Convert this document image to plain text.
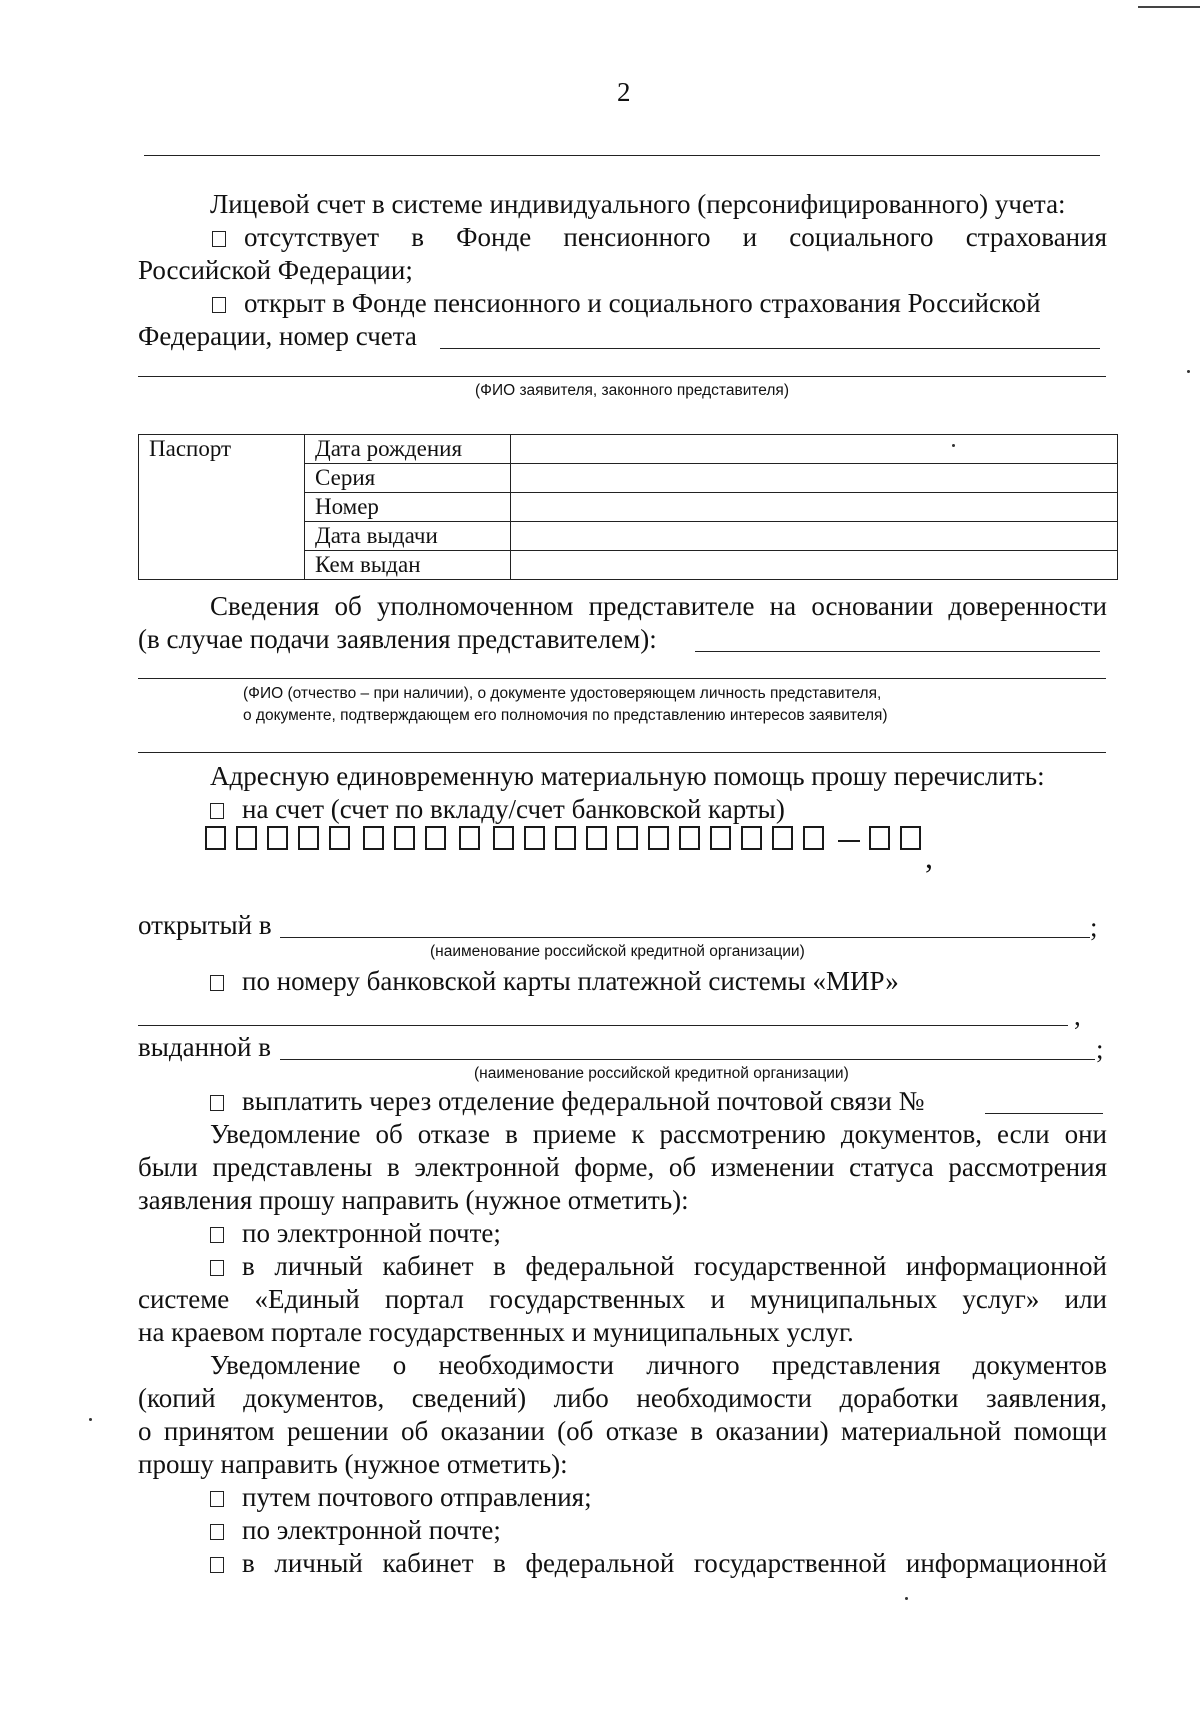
2
Лицевой счет в системе индивидуального (персонифицированного) учета:
отсутствует в Фонде пенсионного и социального страхования
Российской Федерации;
открыт в Фонде пенсионного и социального страхования Российской
Федерации, номер счета
(ФИО заявителя, законного представителя)
Паспорт	Дата рождения	
	Серия	
	Номер	
	Дата выдачи	
	Кем выдан	
Сведения об уполномоченном представителе на основании доверенности
(в случае подачи заявления представителем):
(ФИО (отчество – при наличии), о документе удостоверяющем личность представителя,
о документе, подтверждающем его полномочия по представлению интересов заявителя)
Адресную единовременную материальную помощь прошу перечислить:
на счет (счет по вкладу/счет банковской карты)
,
открытый в	;
(наименование российской кредитной организации)
по номеру банковской карты платежной системы «МИР»
,
выданной в	;
(наименование российской кредитной организации)
выплатить через отделение федеральной почтовой связи №
Уведомление об отказе в приеме к рассмотрению документов, если они
были представлены в электронной форме, об изменении статуса рассмотрения
заявления прошу направить (нужное отметить):
по электронной почте;
в личный кабинет в федеральной государственной информационной
системе «Единый портал государственных и муниципальных услуг» или
на краевом портале государственных и муниципальных услуг.
Уведомление о необходимости личного представления документов
(копий документов, сведений) либо необходимости доработки заявления,
о принятом решении об оказании (об отказе в оказании) материальной помощи
прошу направить (нужное отметить):
путем почтового отправления;
по электронной почте;
в личный кабинет в федеральной государственной информационной
